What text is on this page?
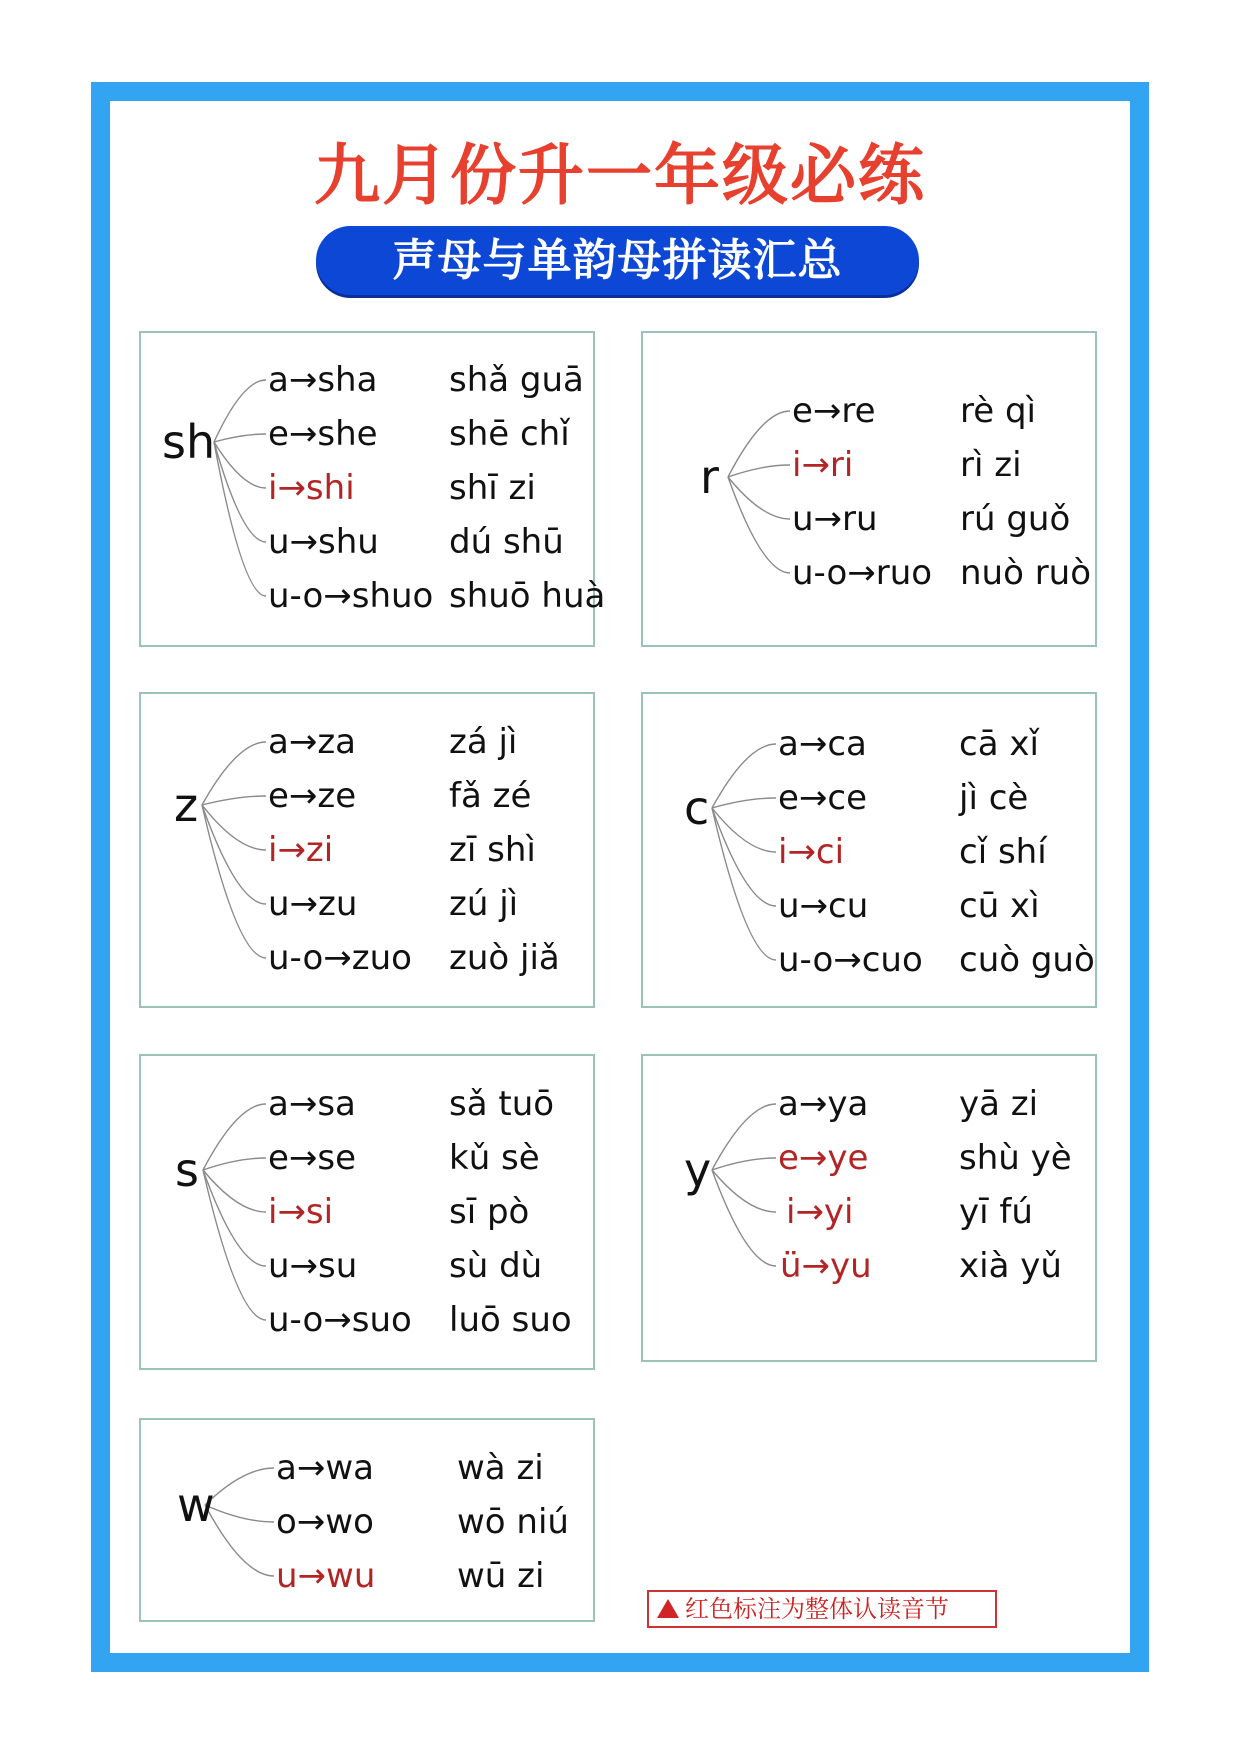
九月份升一年级必练
声母与单韵母拼读汇总
sh
a→sha shǎ guā
e→she shē chǐ
i→shi	shī zi
u→shu dú shū
u-o→shuo shuō huà
r
e→re rè qì
i→ri	rì zi
u→ru rú guǒ
u-o→ruo nuò ruò
z
a→za	zá jì
e→ze	fǎ zé
i→zi	zī shì
u→zu	zú jì
u-o→zuo zuò jiǎ
c
a→ca	cā xǐ
e→ce	jì cè
i→ci	cǐ shí
u→cu	cū xì
u-o→cuo cuò guò
s
a→sa	sǎ tuō
e→se	kǔ sè
i→si	sī pò
u→su	sù dù
u-o→suo luō suo
y
a→ya	yā zi
e→ye	shù yè
i→yi	yī fú
ü→yu	xià yǔ
w
a→wa wà zi
o→wo wō niú
u→wu wū zi
红色标注为整体认读音节
